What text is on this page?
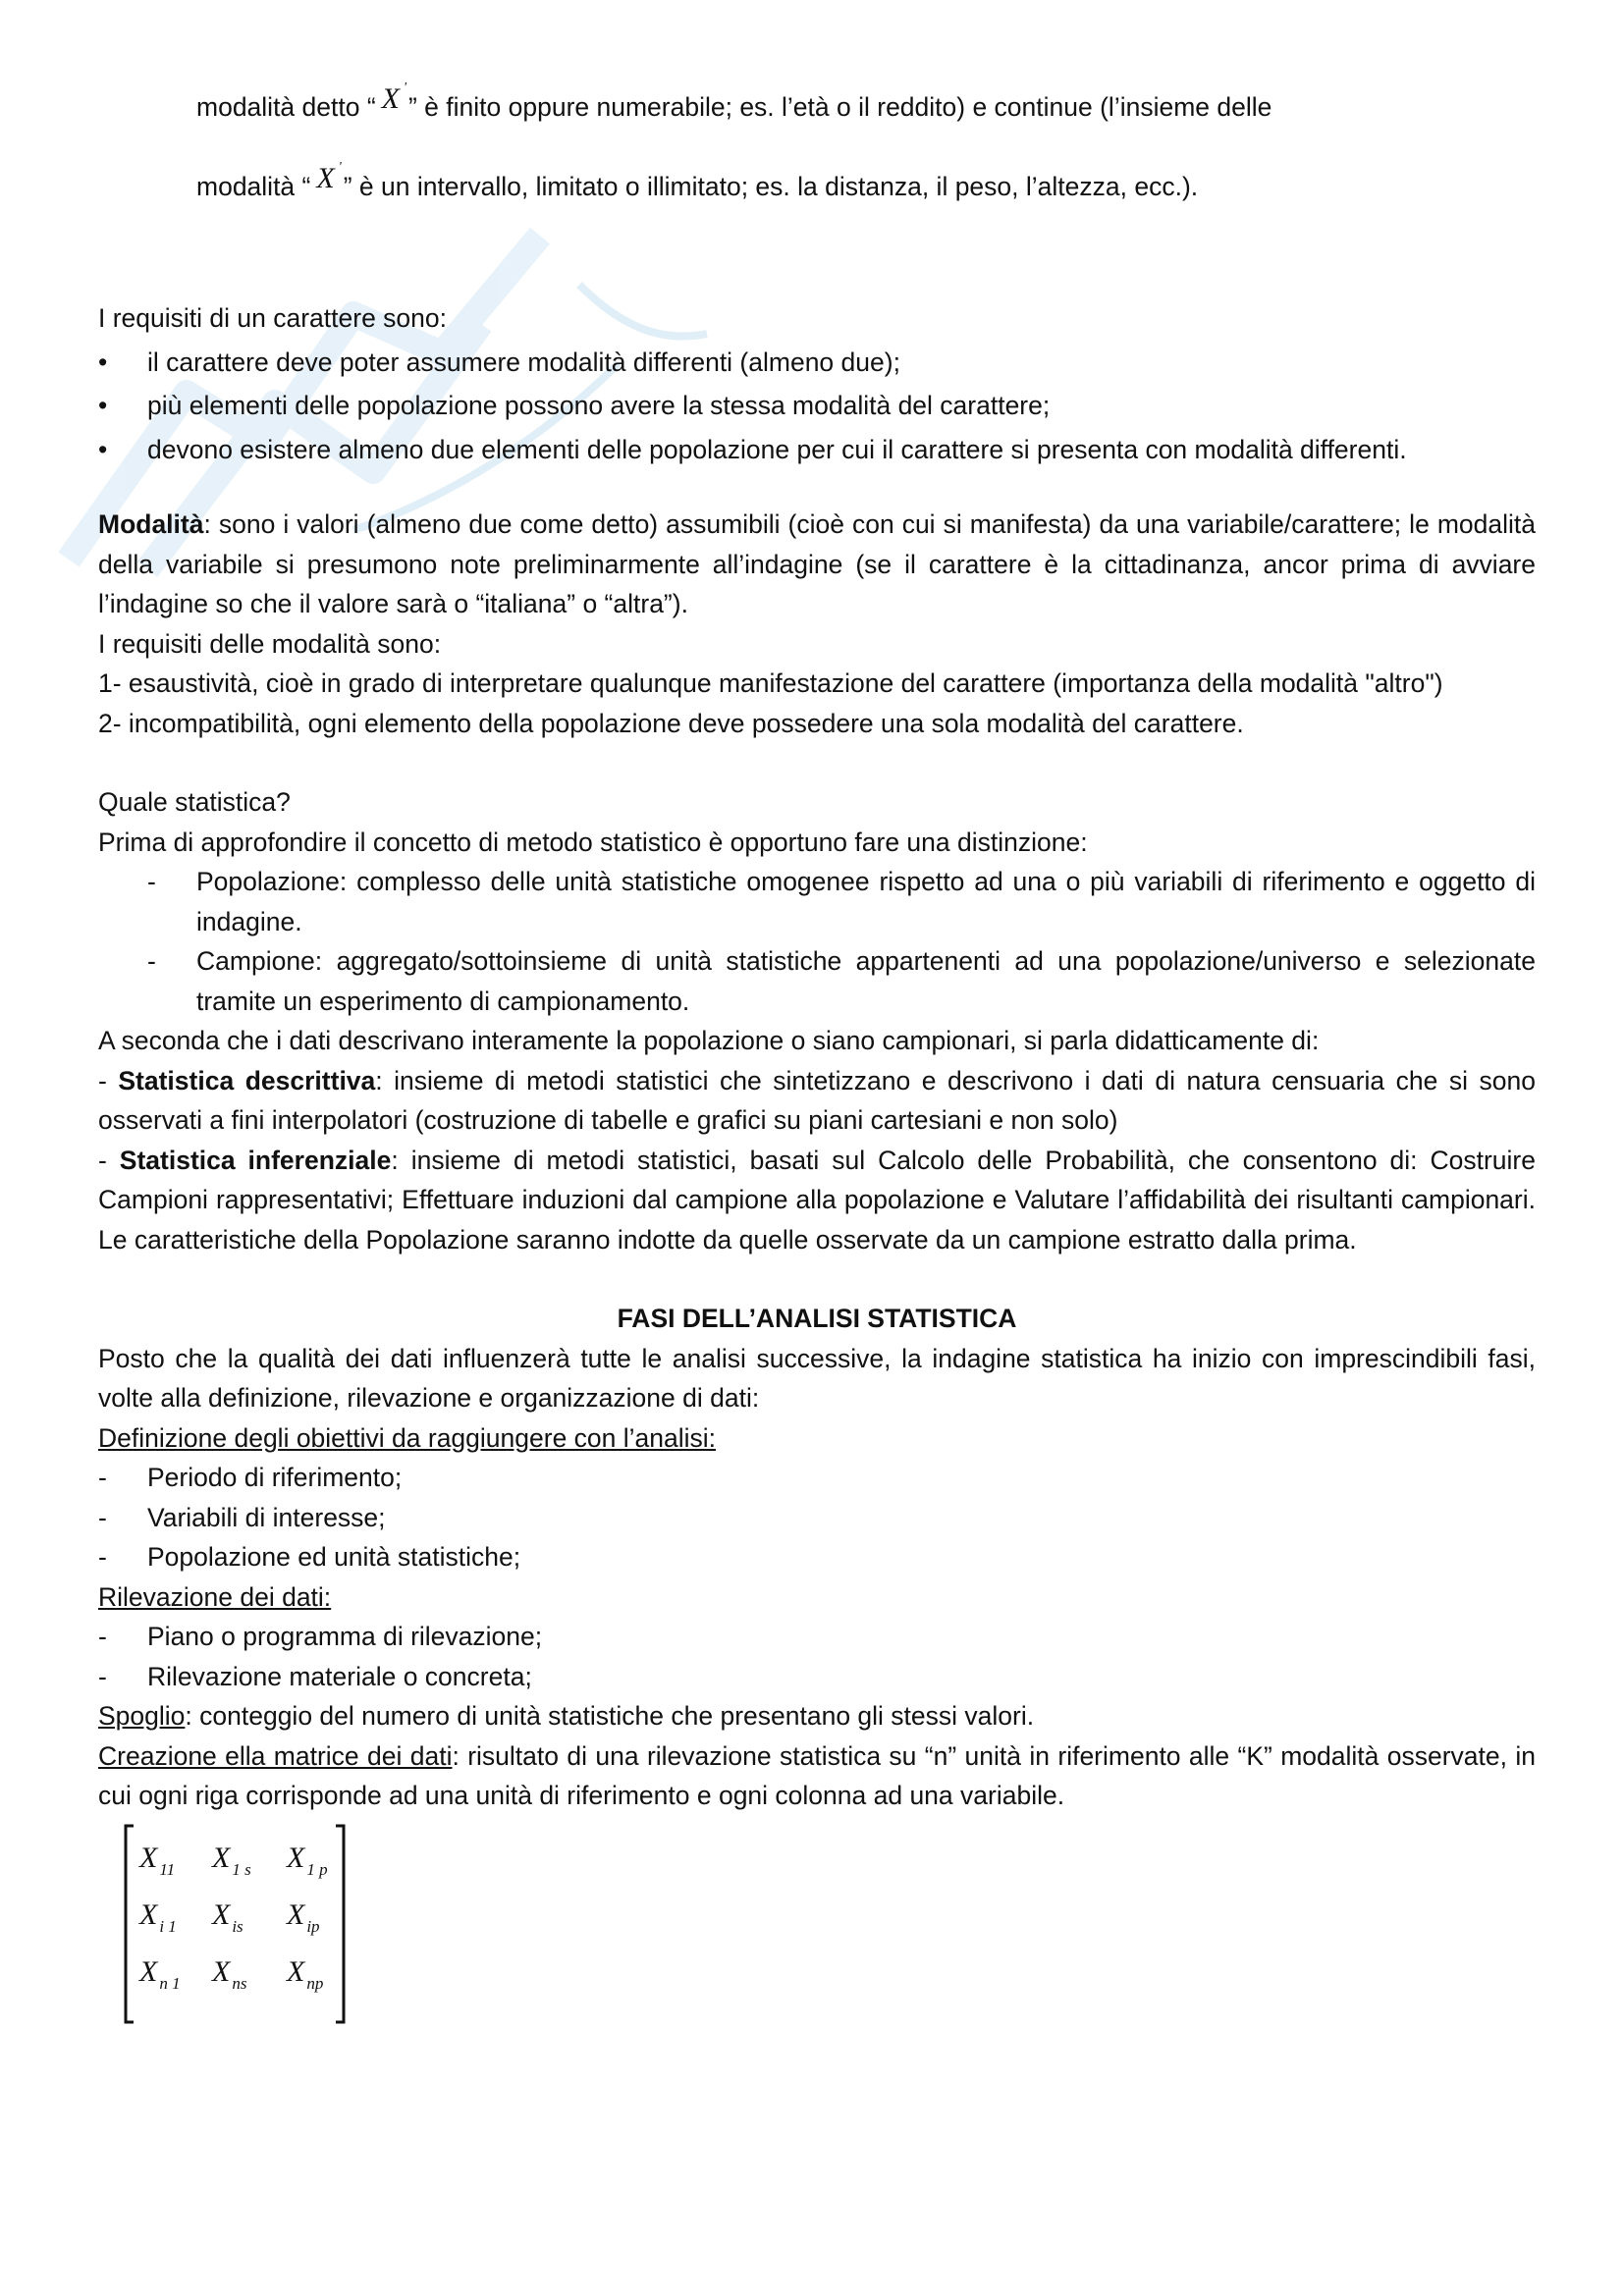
modalità detto “ X '” è finito oppure numerabile; es. l’età o il reddito) e continue (l’insieme delle

modalità “ X '” è un intervallo, limitato o illimitato; es. la distanza, il peso, l’altezza, ecc.).

I requisiti di un carattere sono:

•	il carattere deve poter assumere modalità differenti (almeno due);
•	più elementi delle popolazione possono avere la stessa modalità del carattere;
•	devono esistere almeno due elementi delle popolazione per cui il carattere si presenta con modalità differenti.

Modalità: sono i valori (almeno due come detto) assumibili (cioè con cui si manifesta) da una variabile/carattere; le modalità della variabile si presumono note preliminarmente all’indagine (se il carattere è la cittadinanza, ancor prima di avviare l’indagine so che il valore sarà o “italiana” o “altra”).

I requisiti delle modalità sono:

1- esaustività, cioè in grado di interpretare qualunque manifestazione del carattere (importanza della modalità "altro")

2- incompatibilità, ogni elemento della popolazione deve possedere una sola modalità del carattere.

Quale statistica?

Prima di approfondire il concetto di metodo statistico è opportuno fare una distinzione:

- Popolazione: complesso delle unità statistiche omogenee rispetto ad una o più variabili di riferimento e oggetto di indagine.
- Campione: aggregato/sottoinsieme di unità statistiche appartenenti ad una popolazione/universo e selezionate tramite un esperimento di campionamento.

A seconda che i dati descrivano interamente la popolazione o siano campionari, si parla didatticamente di:

- Statistica descrittiva: insieme di metodi statistici che sintetizzano e descrivono i dati di natura censuaria che si sono osservati a fini interpolatori (costruzione di tabelle e grafici su piani cartesiani e non solo)

- Statistica inferenziale: insieme di metodi statistici, basati sul Calcolo delle Probabilità, che consentono di: Costruire Campioni rappresentativi; Effettuare induzioni dal campione alla popolazione e Valutare l’affidabilità dei risultanti campionari. Le caratteristiche della Popolazione saranno indotte da quelle osservate da un campione estratto dalla prima.

FASI DELL’ANALISI STATISTICA

Posto che la qualità dei dati influenzerà tutte le analisi successive, la indagine statistica ha inizio con imprescindibili fasi, volte alla definizione, rilevazione e organizzazione di dati:

Definizione degli obiettivi da raggiungere con l’analisi:

- Periodo di riferimento;
- Variabili di interesse;
- Popolazione ed unità statistiche;

Rilevazione dei dati:

- Piano o programma di rilevazione;
- Rilevazione materiale o concreta;

Spoglio: conteggio del numero di unità statistiche che presentano gli stessi valori.

Creazione ella matrice dei dati: risultato di una rilevazione statistica su “n” unità in riferimento alle “K” modalità osservate, in cui ogni riga corrisponde ad una unità di riferimento e ogni colonna ad una variabile.

X $_{11}$ X $_{1 s}$ X $_{1 p}$
X $_{i 1}$ X $_{is}$ X $_{ip}$
X $_{n 1}$ X $_{ns}$ X $_{np}$
